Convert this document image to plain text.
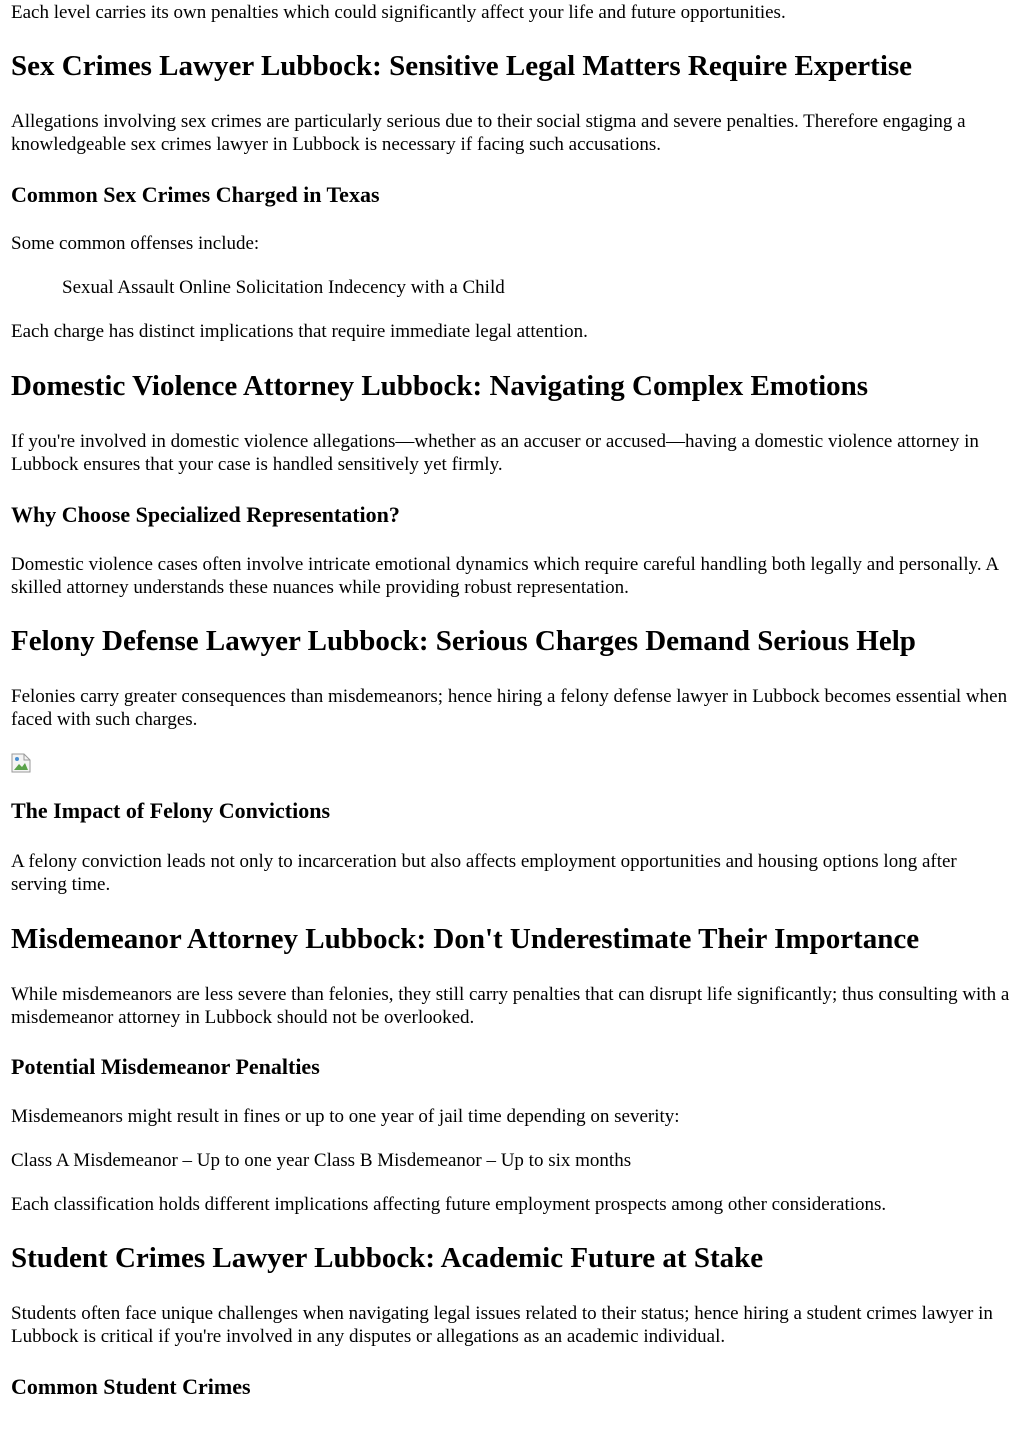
Each level carries its own penalties which could significantly affect your life and future opportunities.

Sex Crimes Lawyer Lubbock: Sensitive Legal Matters Require Expertise

Allegations involving sex crimes are particularly serious due to their social stigma and severe penalties. Therefore engaging a knowledgeable sex crimes lawyer in Lubbock is necessary if facing such accusations.

Common Sex Crimes Charged in Texas

Some common offenses include:

Sexual Assault Online Solicitation Indecency with a Child

Each charge has distinct implications that require immediate legal attention.

Domestic Violence Attorney Lubbock: Navigating Complex Emotions

If you're involved in domestic violence allegations—whether as an accuser or accused—having a domestic violence attorney in Lubbock ensures that your case is handled sensitively yet firmly.

Why Choose Specialized Representation?

Domestic violence cases often involve intricate emotional dynamics which require careful handling both legally and personally. A skilled attorney understands these nuances while providing robust representation.

Felony Defense Lawyer Lubbock: Serious Charges Demand Serious Help

Felonies carry greater consequences than misdemeanors; hence hiring a felony defense lawyer in Lubbock becomes essential when faced with such charges.

The Impact of Felony Convictions

A felony conviction leads not only to incarceration but also affects employment opportunities and housing options long after serving time.

Misdemeanor Attorney Lubbock: Don't Underestimate Their Importance

While misdemeanors are less severe than felonies, they still carry penalties that can disrupt life significantly; thus consulting with a misdemeanor attorney in Lubbock should not be overlooked.

Potential Misdemeanor Penalties

Misdemeanors might result in fines or up to one year of jail time depending on severity:

Class A Misdemeanor – Up to one year Class B Misdemeanor – Up to six months

Each classification holds different implications affecting future employment prospects among other considerations.

Student Crimes Lawyer Lubbock: Academic Future at Stake

Students often face unique challenges when navigating legal issues related to their status; hence hiring a student crimes lawyer in Lubbock is critical if you're involved in any disputes or allegations as an academic individual.

Common Student Crimes
